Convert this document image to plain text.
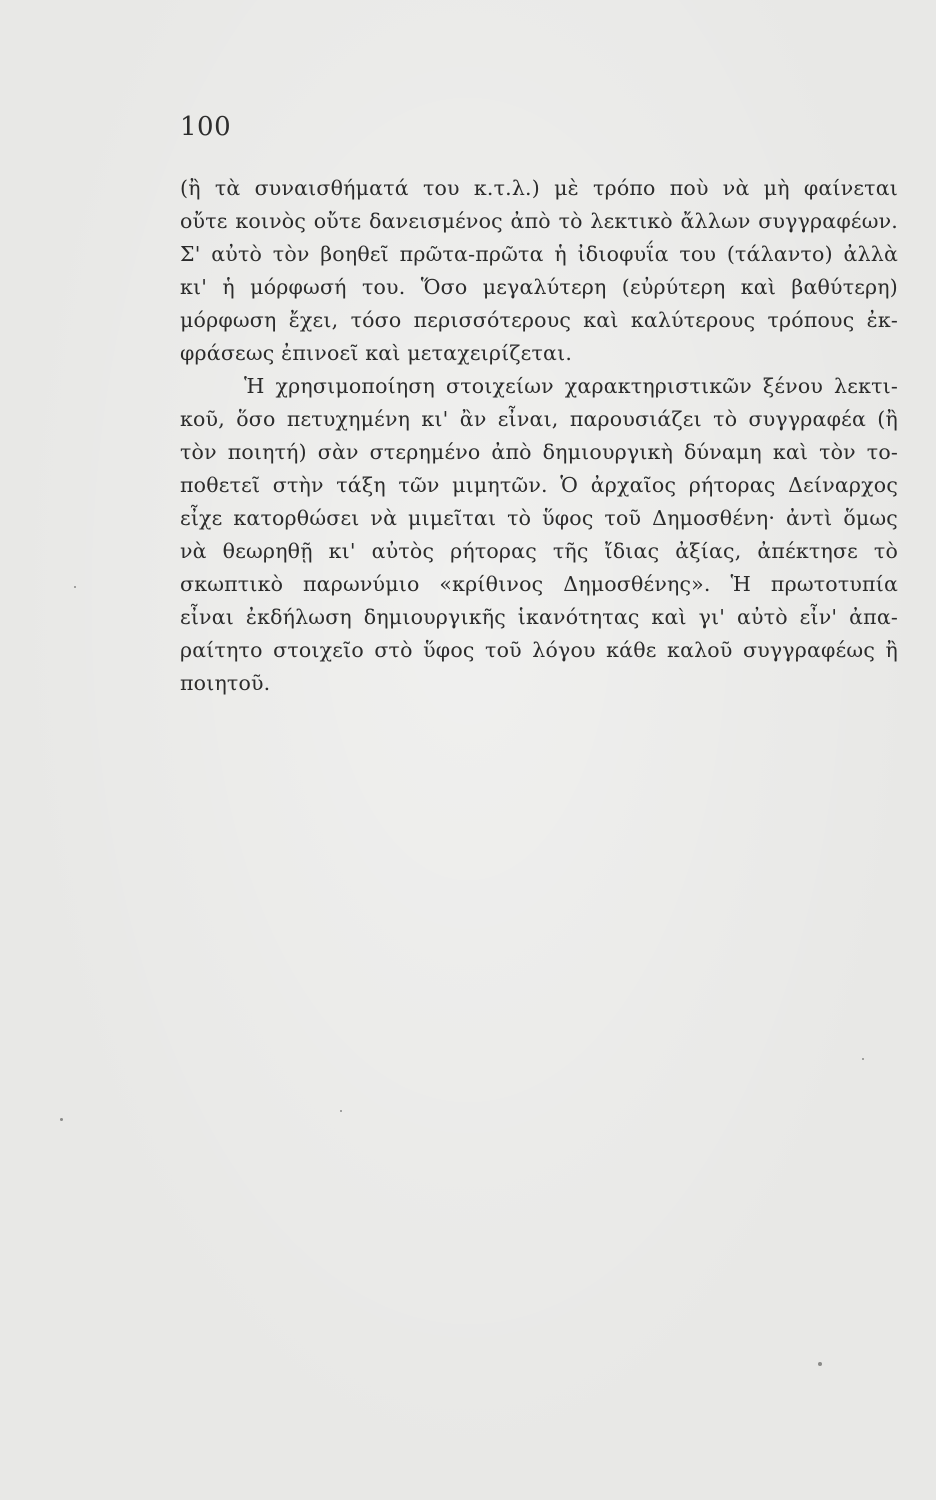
100
(ἢ τὰ συναισθήματά του κ.τ.λ.) μὲ τρόπο ποὺ νὰ μὴ φαίνεται
οὔτε κοινὸς οὔτε δανεισμένος ἀπὸ τὸ λεκτικὸ ἄλλων συγγραφέων.
Σ' αὐτὸ τὸν βοηθεῖ πρῶτα-πρῶτα ἡ ἰδιοφυΐα του (τάλαντο) ἀλλὰ
κι' ἡ μόρφωσή του. Ὅσο μεγαλύτερη (εὐρύτερη καὶ βαθύτερη)
μόρφωση ἔχει, τόσο περισσότερους καὶ καλύτερους τρόπους ἐκ-
φράσεως ἐπινοεῖ καὶ μεταχειρίζεται.
Ἡ χρησιμοποίηση στοιχείων χαρακτηριστικῶν ξένου λεκτι-
κοῦ, ὅσο πετυχημένη κι' ἂν εἶναι, παρουσιάζει τὸ συγγραφέα (ἢ
τὸν ποιητή) σὰν στερημένο ἀπὸ δημιουργικὴ δύναμη καὶ τὸν το-
ποθετεῖ στὴν τάξη τῶν μιμητῶν. Ὁ ἀρχαῖος ρήτορας Δείναρχος
εἶχε κατορθώσει νὰ μιμεῖται τὸ ὕφος τοῦ Δημοσθένη· ἀντὶ ὅμως
νὰ θεωρηθῇ κι' αὐτὸς ρήτορας τῆς ἴδιας ἀξίας, ἀπέκτησε τὸ
σκωπτικὸ παρωνύμιο «κρίθινος Δημοσθένης». Ἡ πρωτοτυπία
εἶναι ἐκδήλωση δημιουργικῆς ἱκανότητας καὶ γι' αὐτὸ εἶν' ἀπα-
ραίτητο στοιχεῖο στὸ ὕφος τοῦ λόγου κάθε καλοῦ συγγραφέως ἢ
ποιητοῦ.
